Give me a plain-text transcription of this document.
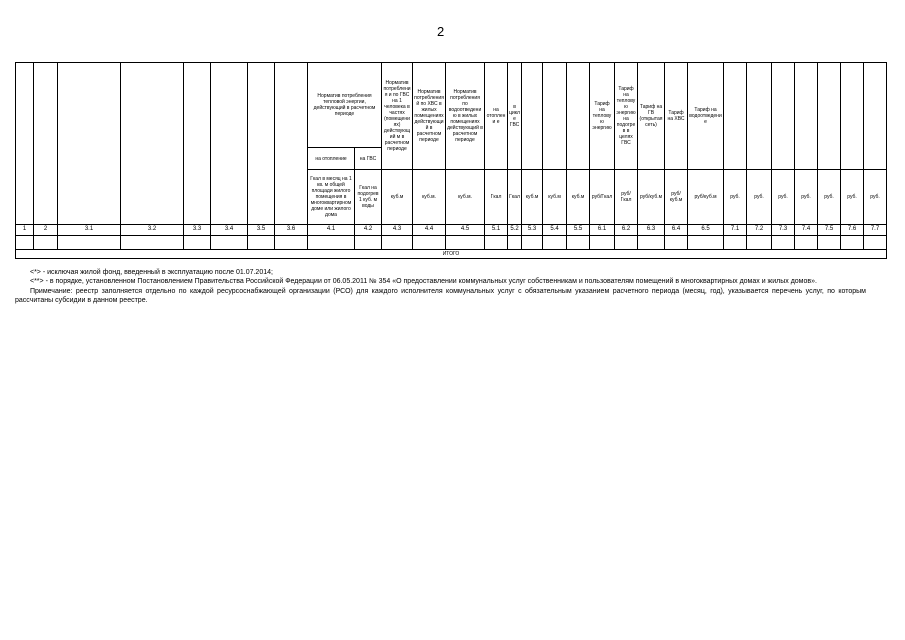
2
								Норматив потребления тепловой энергии, действующий в расчетном периоде		Норматив потребления и по ГВС на 1 человека в частях (помещениях) действующий м в расчетном периоде	Норматив потребления й по ХВС в жилых помещениях действующий в расчетном периоде	Норматив потребления по водоотведению в жилых помещениях действующий в расчетном периоде	на отоплени е	в цикле ГВС				Тариф на тепловую энергию	Тариф на тепловую энергию на подогрев в целях ГВС	Тариф на ГВ (открытая сеть)	Тариф на ХВС	Тариф на водоотведение							
								на отопление	на ГВС																				
								Гкал в месяц на 1 кв. м общей площади жилого помещения в многоквартирном доме или жилого дома	Гкал на подогрев 1 куб. м воды	куб.м	куб.м.	куб.м.	Гкал	Гкал	куб.м	куб.м	куб.м	руб/Гкал	руб/Гкал	руб/куб.м	руб/куб.м	руб/куб.м	руб.	руб.	руб.	руб.	руб.	руб.	руб.
1	2	3.1	3.2	3.3	3.4	3.5	3.6	4.1	4.2	4.3	4.4	4.5	5.1	5.2	5.3	5.4	5.5	6.1	6.2	6.3	6.4	6.5	7.1	7.2	7.3	7.4	7.5	7.6	7.7

ИТОГО																													

<*> - исключая жилой фонд, введенный в эксплуатацию после 01.07.2014;

<**> - в порядке, установленном Постановлением Правительства Российской Федерации от 06.05.2011 № 354 «О предоставлении коммунальных услуг собственникам и пользователям помещений в многоквартирных домах и жилых домов».

Примечание: реестр заполняется отдельно по каждой ресурсоснабжающей организации (РСО) для каждого исполнителя коммунальных услуг с обязательным указанием расчетного периода (месяц, год), указывается перечень услуг, по которым рассчитаны субсидии в данном реестре.
